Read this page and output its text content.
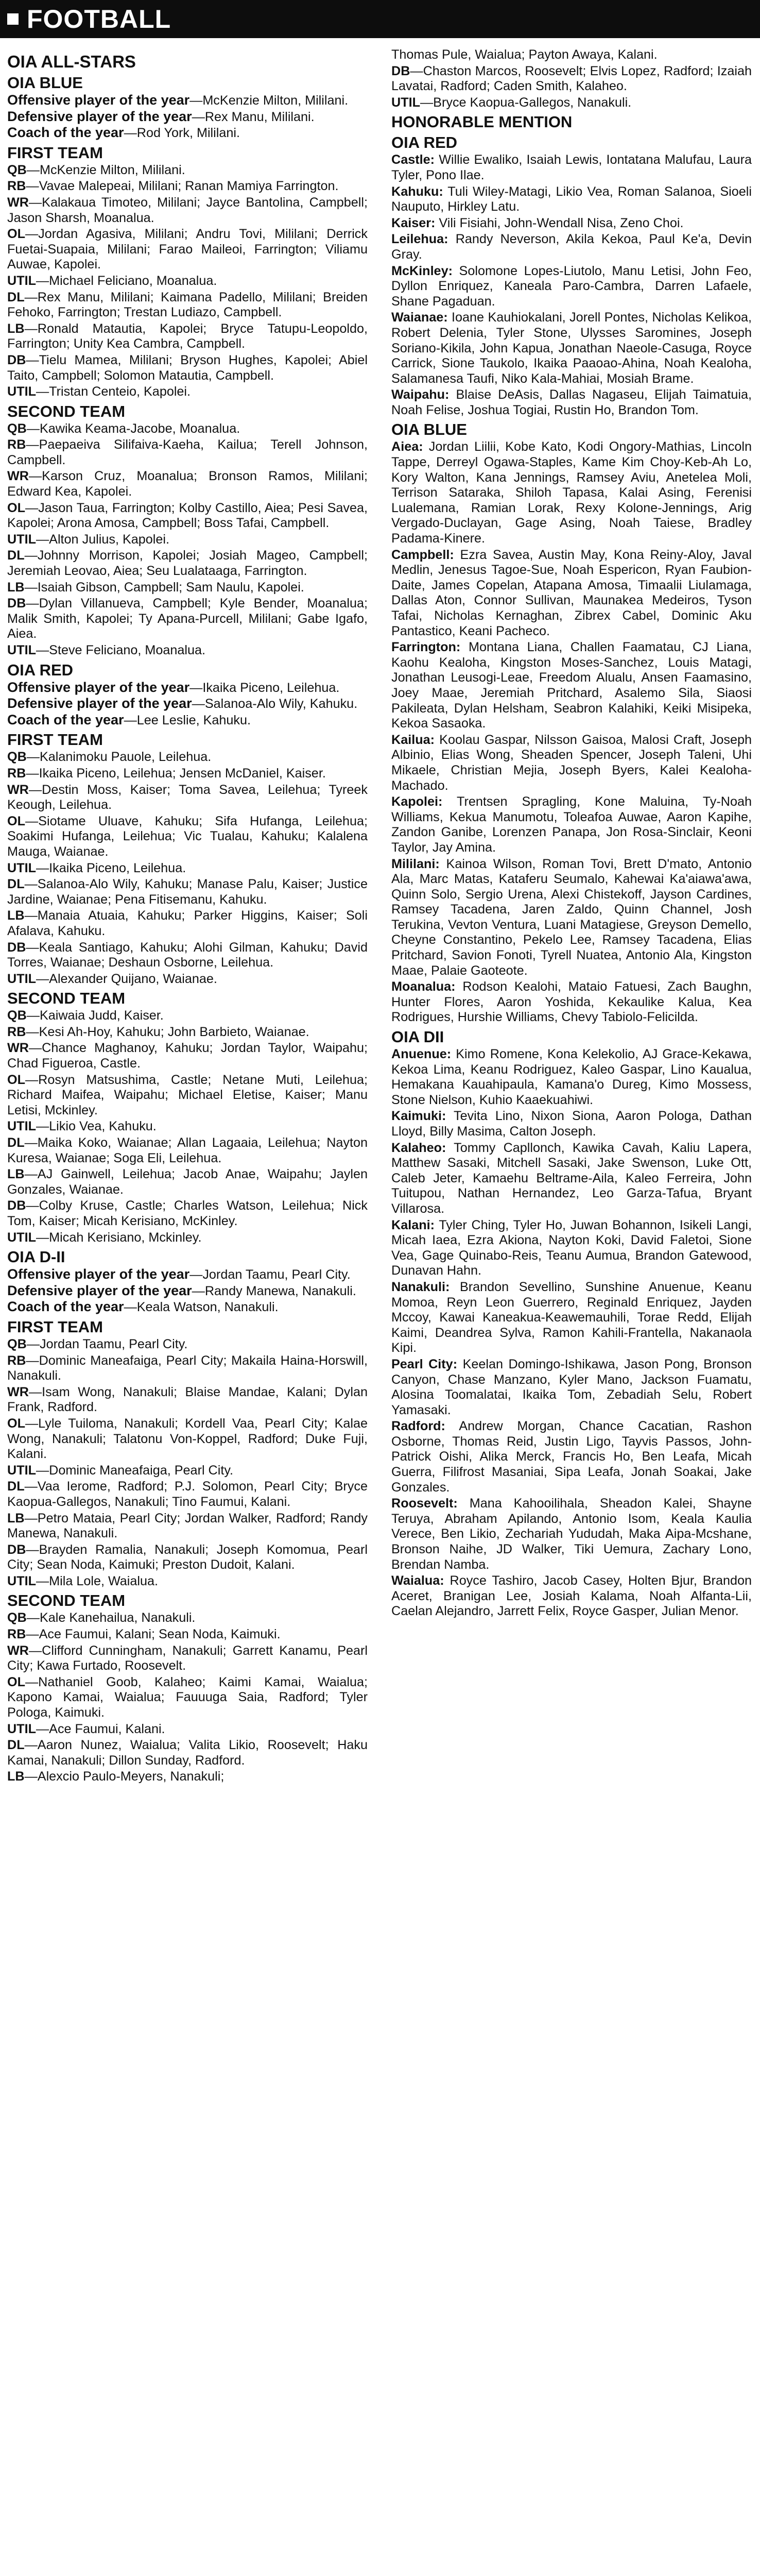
FOOTBALL
OIA ALL-STARS
OIA BLUE
Offensive player of the year—McKenzie Milton, Mililani.
Defensive player of the year—Rex Manu, Mililani.
Coach of the year—Rod York, Mililani.
FIRST TEAM
QB—McKenzie Milton, Mililani.
RB—Vavae Malepeai, Mililani; Ranan Mamiya Farrington.
WR—Kalakaua Timoteo, Mililani; Jayce Bantolina, Campbell; Jason Sharsh, Moanalua.
OL—Jordan Agasiva, Mililani; Andru Tovi, Mililani; Derrick Fuetai-Suapaia, Mililani; Farao Maileoi, Farrington; Viliamu Auwae, Kapolei.
UTIL—Michael Feliciano, Moanalua.
DL—Rex Manu, Mililani; Kaimana Padello, Mililani; Breiden Fehoko, Farrington; Trestan Ludiazo, Campbell.
LB—Ronald Matautia, Kapolei; Bryce Tatupu-Leopoldo, Farrington; Unity Kea Cambra, Campbell.
DB—Tielu Mamea, Mililani; Bryson Hughes, Kapolei; Abiel Taito, Campbell; Solomon Matautia, Campbell.
UTIL—Tristan Centeio, Kapolei.
SECOND TEAM
QB—Kawika Keama-Jacobe, Moanalua.
RB—Paepaeiva Silifaiva-Kaeha, Kailua; Terell Johnson, Campbell.
WR—Karson Cruz, Moanalua; Bronson Ramos, Mililani; Edward Kea, Kapolei.
OL—Jason Taua, Farrington; Kolby Castillo, Aiea; Pesi Savea, Kapolei; Arona Amosa, Campbell; Boss Tafai, Campbell.
UTIL—Alton Julius, Kapolei.
DL—Johnny Morrison, Kapolei; Josiah Mageo, Campbell; Jeremiah Leovao, Aiea; Seu Lualataaga, Farrington.
LB—Isaiah Gibson, Campbell; Sam Naulu, Kapolei.
DB—Dylan Villanueva, Campbell; Kyle Bender, Moanalua; Malik Smith, Kapolei; Ty Apana-Purcell, Mililani; Gabe Igafo, Aiea.
UTIL—Steve Feliciano, Moanalua.
OIA RED
Offensive player of the year—Ikaika Piceno, Leilehua.
Defensive player of the year—Salanoa-Alo Wily, Kahuku.
Coach of the year—Lee Leslie, Kahuku.
FIRST TEAM
QB—Kalanimoku Pauole, Leilehua.
RB—Ikaika Piceno, Leilehua; Jensen McDaniel, Kaiser.
WR—Destin Moss, Kaiser; Toma Savea, Leilehua; Tyreek Keough, Leilehua.
OL—Siotame Uluave, Kahuku; Sifa Hufanga, Leilehua; Soakimi Hufanga, Leilehua; Vic Tualau, Kahuku; Kalalena Mauga, Waianae.
UTIL—Ikaika Piceno, Leilehua.
DL—Salanoa-Alo Wily, Kahuku; Manase Palu, Kaiser; Justice Jardine, Waianae; Pena Fitisemanu, Kahuku.
LB—Manaia Atuaia, Kahuku; Parker Higgins, Kaiser; Soli Afalava, Kahuku.
DB—Keala Santiago, Kahuku; Alohi Gilman, Kahuku; David Torres, Waianae; Deshaun Osborne, Leilehua.
UTIL—Alexander Quijano, Waianae.
SECOND TEAM
QB—Kaiwaia Judd, Kaiser.
RB—Kesi Ah-Hoy, Kahuku; John Barbieto, Waianae.
WR—Chance Maghanoy, Kahuku; Jordan Taylor, Waipahu; Chad Figueroa, Castle.
OL—Rosyn Matsushima, Castle; Netane Muti, Leilehua; Richard Maifea, Waipahu; Michael Eletise, Kaiser; Manu Letisi, Mckinley.
UTIL—Likio Vea, Kahuku.
DL—Maika Koko, Waianae; Allan Lagaaia, Leilehua; Nayton Kuresa, Waianae; Soga Eli, Leilehua.
LB—AJ Gainwell, Leilehua; Jacob Anae, Waipahu; Jaylen Gonzales, Waianae.
DB—Colby Kruse, Castle; Charles Watson, Leilehua; Nick Tom, Kaiser; Micah Kerisiano, McKinley.
UTIL—Micah Kerisiano, Mckinley.
OIA D-II
Offensive player of the year—Jordan Taamu, Pearl City.
Defensive player of the year—Randy Manewa, Nanakuli.
Coach of the year—Keala Watson, Nanakuli.
FIRST TEAM
QB—Jordan Taamu, Pearl City.
RB—Dominic Maneafaiga, Pearl City; Makaila Haina-Horswill, Nanakuli.
WR—Isam Wong, Nanakuli; Blaise Mandae, Kalani; Dylan Frank, Radford.
OL—Lyle Tuiloma, Nanakuli; Kordell Vaa, Pearl City; Kalae Wong, Nanakuli; Talatonu Von-Koppel, Radford; Duke Fuji, Kalani.
UTIL—Dominic Maneafaiga, Pearl City.
DL—Vaa Ierome, Radford; P.J. Solomon, Pearl City; Bryce Kaopua-Gallegos, Nanakuli; Tino Faumui, Kalani.
LB—Petro Mataia, Pearl City; Jordan Walker, Radford; Randy Manewa, Nanakuli.
DB—Brayden Ramalia, Nanakuli; Joseph Komomua, Pearl City; Sean Noda, Kaimuki; Preston Dudoit, Kalani.
UTIL—Mila Lole, Waialua.
SECOND TEAM
QB—Kale Kanehailua, Nanakuli.
RB—Ace Faumui, Kalani; Sean Noda, Kaimuki.
WR—Clifford Cunningham, Nanakuli; Garrett Kanamu, Pearl City; Kawa Furtado, Roosevelt.
OL—Nathaniel Goob, Kalaheo; Kaimi Kamai, Waialua; Kapono Kamai, Waialua; Fauuuga Saia, Radford; Tyler Pologa, Kaimuki.
UTIL—Ace Faumui, Kalani.
DL—Aaron Nunez, Waialua; Valita Likio, Roosevelt; Haku Kamai, Nanakuli; Dillon Sunday, Radford.
LB—Alexcio Paulo-Meyers, Nanakuli;
Thomas Pule, Waialua; Payton Awaya, Kalani.
DB—Chaston Marcos, Roosevelt; Elvis Lopez, Radford; Izaiah Lavatai, Radford; Caden Smith, Kalaheo.
UTIL—Bryce Kaopua-Gallegos, Nanakuli.
HONORABLE MENTION
OIA RED
Castle: Willie Ewaliko, Isaiah Lewis, Iontatana Malufau, Laura Tyler, Pono Ilae.
Kahuku: Tuli Wiley-Matagi, Likio Vea, Roman Salanoa, Sioeli Nauputo, Hirkley Latu.
Kaiser: Vili Fisiahi, John-Wendall Nisa, Zeno Choi.
Leilehua: Randy Neverson, Akila Kekoa, Paul Ke'a, Devin Gray.
McKinley: Solomone Lopes-Liutolo, Manu Letisi, John Feo, Dyllon Enriquez, Kaneala Paro-Cambra, Darren Lafaele, Shane Pagaduan.
Waianae: Ioane Kauhiokalani, Jorell Pontes, Nicholas Kelikoa, Robert Delenia, Tyler Stone, Ulysses Saromines, Joseph Soriano-Kikila, John Kapua, Jonathan Naeole-Casuga, Royce Carrick, Sione Taukolo, Ikaika Paaoao-Ahina, Noah Kealoha, Salamanesa Taufi, Niko Kala-Mahiai, Mosiah Brame.
Waipahu: Blaise DeAsis, Dallas Nagaseu, Elijah Taimatuia, Noah Felise, Joshua Togiai, Rustin Ho, Brandon Tom.
OIA BLUE
Aiea: Jordan Liilii, Kobe Kato, Kodi Ongory-Mathias, Lincoln Tappe, Derreyl Ogawa-Staples, Kame Kim Choy-Keb-Ah Lo, Kory Walton, Kana Jennings, Ramsey Aviu, Anetelea Moli, Terrison Sataraka, Shiloh Tapasa, Kalai Asing, Ferenisi Lualemana, Ramian Lorak, Rexy Kolone-Jennings, Arig Vergado-Duclayan, Gage Asing, Noah Taiese, Bradley Padama-Kinere.
Campbell: Ezra Savea, Austin May, Kona Reiny-Aloy, Javal Medlin, Jenesus Tagoe-Sue, Noah Espericon, Ryan Faubion-Daite, James Copelan, Atapana Amosa, Timaalii Liulamaga, Dallas Aton, Connor Sullivan, Maunakea Medeiros, Tyson Tafai, Nicholas Kernaghan, Zibrex Cabel, Dominic Aku Pantastico, Keani Pacheco.
Farrington: Montana Liana, Challen Faamatau, CJ Liana, Kaohu Kealoha, Kingston Moses-Sanchez, Louis Matagi, Jonathan Leusogi-Leae, Freedom Alualu, Ansen Faamasino, Joey Maae, Jeremiah Pritchard, Asalemo Sila, Siaosi Pakileata, Dylan Helsham, Seabron Kalahiki, Keiki Misipeka, Kekoa Sasaoka.
Kailua: Koolau Gaspar, Nilsson Gaisoa, Malosi Craft, Joseph Albinio, Elias Wong, Sheaden Spencer, Joseph Taleni, Uhi Mikaele, Christian Mejia, Joseph Byers, Kalei Kealoha-Machado.
Kapolei: Trentsen Spragling, Kone Maluina, Ty-Noah Williams, Kekua Manumotu, Toleafoa Auwae, Aaron Kapihe, Zandon Ganibe, Lorenzen Panapa, Jon Rosa-Sinclair, Keoni Taylor, Jay Amina.
Mililani: Kainoa Wilson, Roman Tovi, Brett D'mato, Antonio Ala, Marc Matas, Kataferu Seumalo, Kahewai Ka'aiawa'awa, Quinn Solo, Sergio Urena, Alexi Chistekoff, Jayson Cardines, Ramsey Tacadena, Jaren Zaldo, Quinn Channel, Josh Terukina, Vevton Ventura, Luani Matagiese, Greyson Demello, Cheyne Constantino, Pekelo Lee, Ramsey Tacadena, Elias Pritchard, Savion Fonoti, Tyrell Nuatea, Antonio Ala, Kingston Maae, Palaie Gaoteote.
Moanalua: Rodson Kealohi, Mataio Fatuesi, Zach Baughn, Hunter Flores, Aaron Yoshida, Kekaulike Kalua, Kea Rodrigues, Hurshie Williams, Chevy Tabiolo-Felicilda.
OIA DII
Anuenue: Kimo Romene, Kona Kelekolio, AJ Grace-Kekawa, Kekoa Lima, Keanu Rodriguez, Kaleo Gaspar, Lino Kaualua, Hemakana Kauahipaula, Kamana'o Dureg, Kimo Mossess, Stone Nielson, Kuhio Kaaekuahiwi.
Kaimuki: Tevita Lino, Nixon Siona, Aaron Pologa, Dathan Lloyd, Billy Masima, Calton Joseph.
Kalaheo: Tommy Capllonch, Kawika Cavah, Kaliu Lapera, Matthew Sasaki, Mitchell Sasaki, Jake Swenson, Luke Ott, Caleb Jeter, Kamaehu Beltrame-Aila, Kaleo Ferreira, John Tuitupou, Nathan Hernandez, Leo Garza-Tafua, Bryant Villarosa.
Kalani: Tyler Ching, Tyler Ho, Juwan Bohannon, Isikeli Langi, Micah Iaea, Ezra Akiona, Nayton Koki, David Faletoi, Sione Vea, Gage Quinabo-Reis, Teanu Aumua, Brandon Gatewood, Dunavan Hahn.
Nanakuli: Brandon Sevellino, Sunshine Anuenue, Keanu Momoa, Reyn Leon Guerrero, Reginald Enriquez, Jayden Mccoy, Kawai Kaneakua-Keawemauhili, Torae Redd, Elijah Kaimi, Deandrea Sylva, Ramon Kahili-Frantella, Nakanaola Kipi.
Pearl City: Keelan Domingo-Ishikawa, Jason Pong, Bronson Canyon, Chase Manzano, Kyler Mano, Jackson Fuamatu, Alosina Toomalatai, Ikaika Tom, Zebadiah Selu, Robert Yamasaki.
Radford: Andrew Morgan, Chance Cacatian, Rashon Osborne, Thomas Reid, Justin Ligo, Tayvis Passos, John-Patrick Oishi, Alika Merck, Francis Ho, Ben Leafa, Micah Guerra, Filifrost Masaniai, Sipa Leafa, Jonah Soakai, Jake Gonzales.
Roosevelt: Mana Kahooilihala, Sheadon Kalei, Shayne Teruya, Abraham Apilando, Antonio Isom, Keala Kaulia Verece, Ben Likio, Zechariah Yududah, Maka Aipa-Mcshane, Bronson Naihe, JD Walker, Tiki Uemura, Zachary Lono, Brendan Namba.
Waialua: Royce Tashiro, Jacob Casey, Holten Bjur, Brandon Aceret, Branigan Lee, Josiah Kalama, Noah Alfanta-Lii, Caelan Alejandro, Jarrett Felix, Royce Gasper, Julian Menor.
